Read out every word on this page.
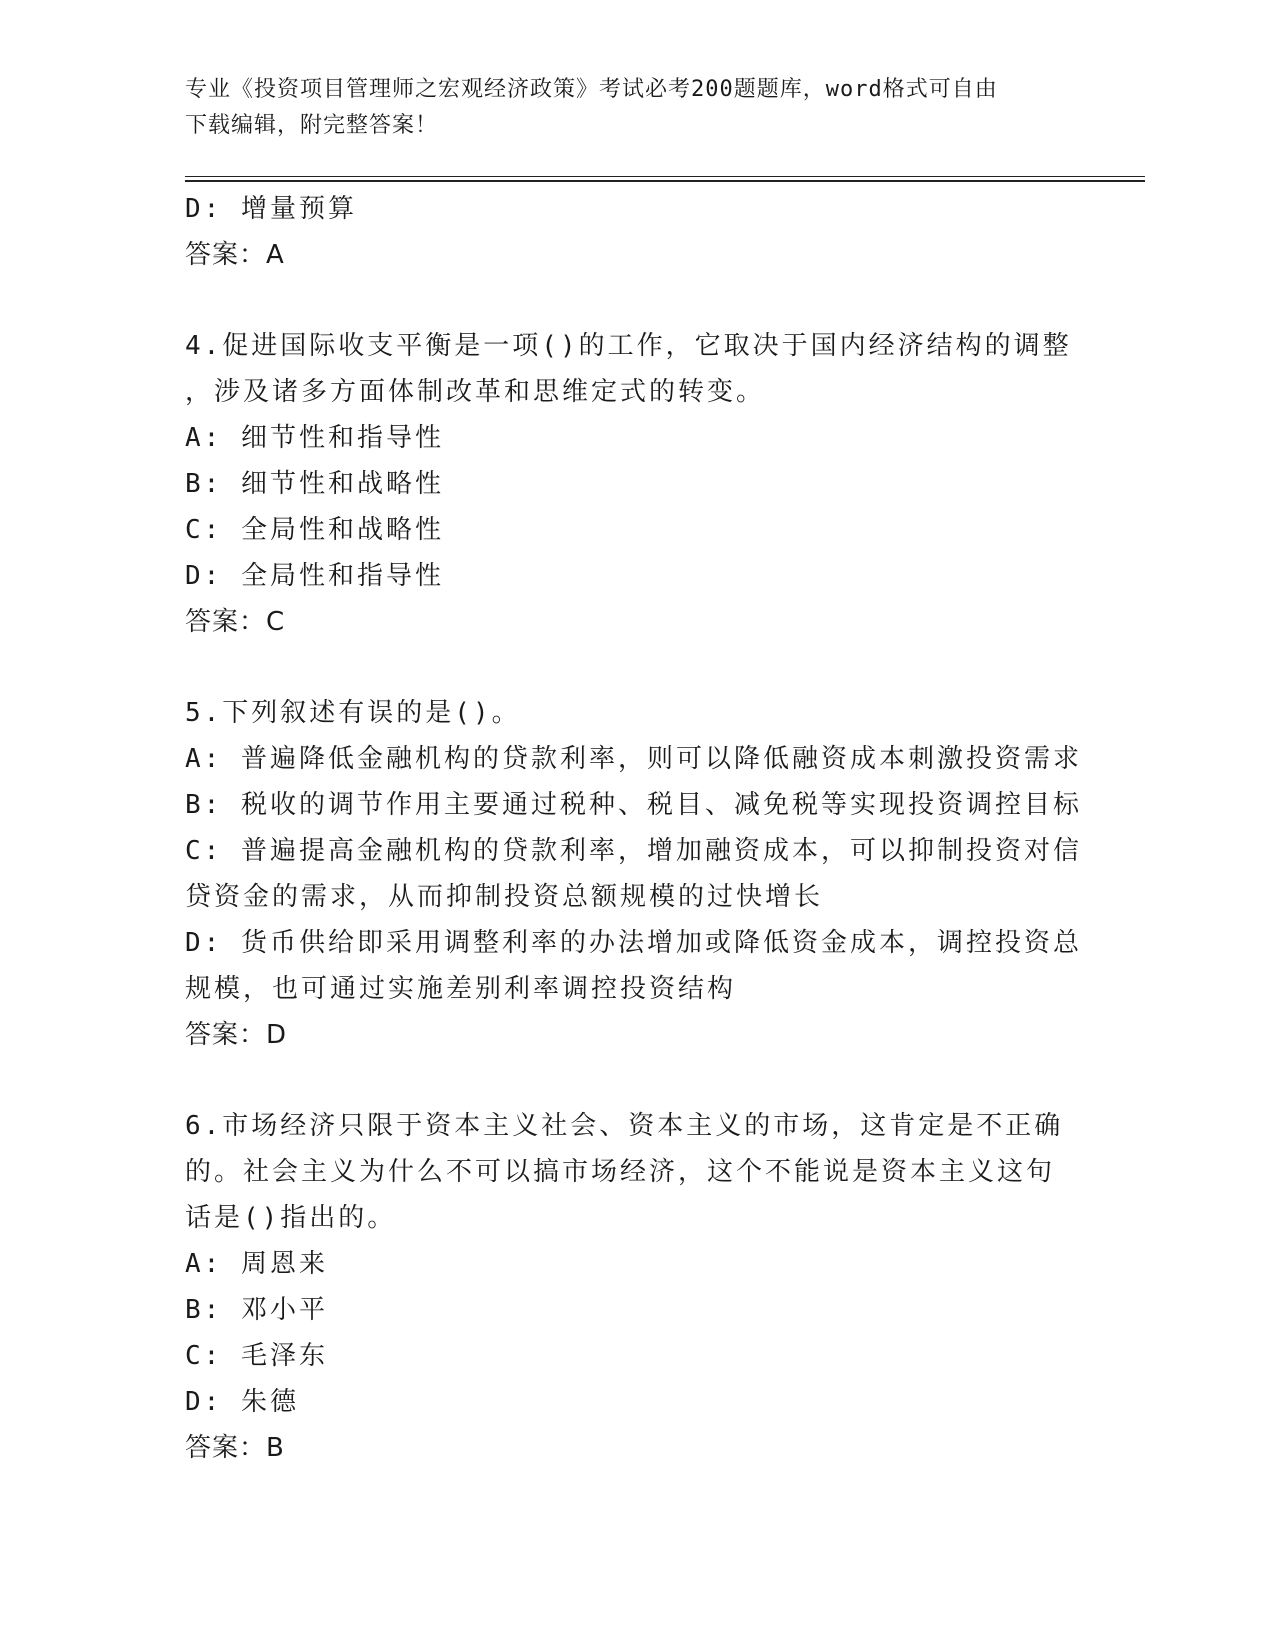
专业《投资项目管理师之宏观经济政策》考试必考200题题库，word格式可自由
下载编辑，附完整答案！
D: 增量预算
答案：A
4.促进国际收支平衡是一项()的工作，它取决于国内经济结构的调整
，涉及诸多方面体制改革和思维定式的转变。
A: 细节性和指导性
B: 细节性和战略性
C: 全局性和战略性
D: 全局性和指导性
答案：C
5.下列叙述有误的是()。
A: 普遍降低金融机构的贷款利率，则可以降低融资成本刺激投资需求
B: 税收的调节作用主要通过税种、税目、减免税等实现投资调控目标
C: 普遍提高金融机构的贷款利率，增加融资成本，可以抑制投资对信
贷资金的需求，从而抑制投资总额规模的过快增长
D: 货币供给即采用调整利率的办法增加或降低资金成本，调控投资总
规模，也可通过实施差别利率调控投资结构
答案：D
6.市场经济只限于资本主义社会、资本主义的市场，这肯定是不正确
的。社会主义为什么不可以搞市场经济，这个不能说是资本主义这句
话是()指出的。
A: 周恩来
B: 邓小平
C: 毛泽东
D: 朱德
答案：B
